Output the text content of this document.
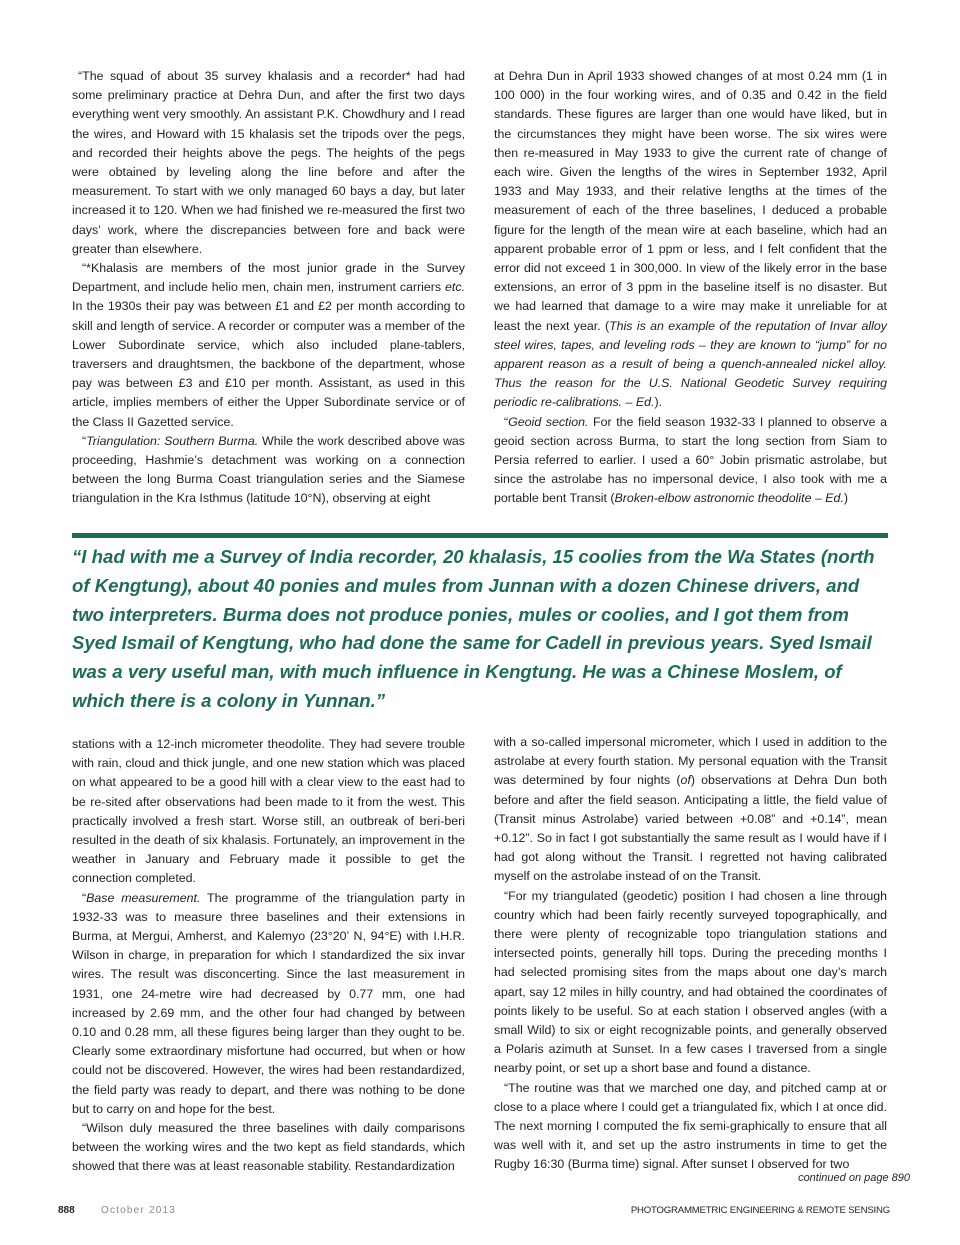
“The squad of about 35 survey khalasis and a recorder* had had some preliminary practice at Dehra Dun, and after the first two days everything went very smoothly. An assistant P.K. Chowdhury and I read the wires, and Howard with 15 khalasis set the tripods over the pegs, and recorded their heights above the pegs. The heights of the pegs were obtained by leveling along the line before and after the measurement. To start with we only managed 60 bays a day, but later increased it to 120. When we had finished we re-measured the first two days’ work, where the discrepancies between fore and back were greater than elsewhere.

“*Khalasis are members of the most junior grade in the Survey Department, and include helio men, chain men, instrument carriers etc. In the 1930s their pay was between £1 and £2 per month according to skill and length of service. A recorder or computer was a member of the Lower Subordinate service, which also included plane-tablers, traversers and draughtsmen, the backbone of the department, whose pay was between £3 and £10 per month. Assistant, as used in this article, implies members of either the Upper Subordinate service or of the Class II Gazetted service.

“Triangulation: Southern Burma. While the work described above was proceeding, Hashmie’s detachment was working on a connection between the long Burma Coast triangulation series and the Siamese triangulation in the Kra Isthmus (latitude 10°N), observing at eight

at Dehra Dun in April 1933 showed changes of at most 0.24 mm (1 in 100 000) in the four working wires, and of 0.35 and 0.42 in the field standards. These figures are larger than one would have liked, but in the circumstances they might have been worse. The six wires were then re-measured in May 1933 to give the current rate of change of each wire. Given the lengths of the wires in September 1932, April 1933 and May 1933, and their relative lengths at the times of the measurement of each of the three baselines, I deduced a probable figure for the length of the mean wire at each baseline, which had an apparent probable error of 1 ppm or less, and I felt confident that the error did not exceed 1 in 300,000. In view of the likely error in the base extensions, an error of 3 ppm in the baseline itself is no disaster. But we had learned that damage to a wire may make it unreliable for at least the next year. (This is an example of the reputation of Invar alloy steel wires, tapes, and leveling rods – they are known to “jump” for no apparent reason as a result of being a quench-annealed nickel alloy. Thus the reason for the U.S. National Geodetic Survey requiring periodic re-calibrations. – Ed.).

“Geoid section. For the field season 1932-33 I planned to observe a geoid section across Burma, to start the long section from Siam to Persia referred to earlier. I used a 60° Jobin prismatic astrolabe, but since the astrolabe has no impersonal device, I also took with me a portable bent Transit (Broken-elbow astronomic theodolite – Ed.)

“I had with me a Survey of India recorder, 20 khalasis, 15 coolies from the Wa States (north of Kengtung), about 40 ponies and mules from Junnan with a dozen Chinese drivers, and two interpreters. Burma does not produce ponies, mules or coolies, and I got them from Syed Ismail of Kengtung, who had done the same for Cadell in previous years. Syed Ismail was a very useful man, with much influence in Kengtung. He was a Chinese Moslem, of which there is a colony in Yunnan.”

stations with a 12-inch micrometer theodolite. They had severe trouble with rain, cloud and thick jungle, and one new station which was placed on what appeared to be a good hill with a clear view to the east had to be re-sited after observations had been made to it from the west. This practically involved a fresh start. Worse still, an outbreak of beri-beri resulted in the death of six khalasis. Fortunately, an improvement in the weather in January and February made it possible to get the connection completed.

“Base measurement. The programme of the triangulation party in 1932-33 was to measure three baselines and their extensions in Burma, at Mergui, Amherst, and Kalemyo (23°20’ N, 94°E) with I.H.R. Wilson in charge, in preparation for which I standardized the six invar wires. The result was disconcerting. Since the last measurement in 1931, one 24-metre wire had decreased by 0.77 mm, one had increased by 2.69 mm, and the other four had changed by between 0.10 and 0.28 mm, all these figures being larger than they ought to be. Clearly some extraordinary misfortune had occurred, but when or how could not be discovered. However, the wires had been restandardized, the field party was ready to depart, and there was nothing to be done but to carry on and hope for the best.

“Wilson duly measured the three baselines with daily comparisons between the working wires and the two kept as field standards, which showed that there was at least reasonable stability. Restandardization

with a so-called impersonal micrometer, which I used in addition to the astrolabe at every fourth station. My personal equation with the Transit was determined by four nights (of) observations at Dehra Dun both before and after the field season. Anticipating a little, the field value of (Transit minus Astrolabe) varied between +0.08” and +0.14”, mean +0.12”. So in fact I got substantially the same result as I would have if I had got along without the Transit. I regretted not having calibrated myself on the astrolabe instead of on the Transit.

“For my triangulated (geodetic) position I had chosen a line through country which had been fairly recently surveyed topographically, and there were plenty of recognizable topo triangulation stations and intersected points, generally hill tops. During the preceding months I had selected promising sites from the maps about one day’s march apart, say 12 miles in hilly country, and had obtained the coordinates of points likely to be useful. So at each station I observed angles (with a small Wild) to six or eight recognizable points, and generally observed a Polaris azimuth at Sunset. In a few cases I traversed from a single nearby point, or set up a short base and found a distance.

“The routine was that we marched one day, and pitched camp at or close to a place where I could get a triangulated fix, which I at once did. The next morning I computed the fix semi-graphically to ensure that all was well with it, and set up the astro instruments in time to get the Rugby 16:30 (Burma time) signal. After sunset I observed for two

continued on page 890
888	October 2013	PHOTOGRAMMETRIC ENGINEERING & REMOTE SENSING
